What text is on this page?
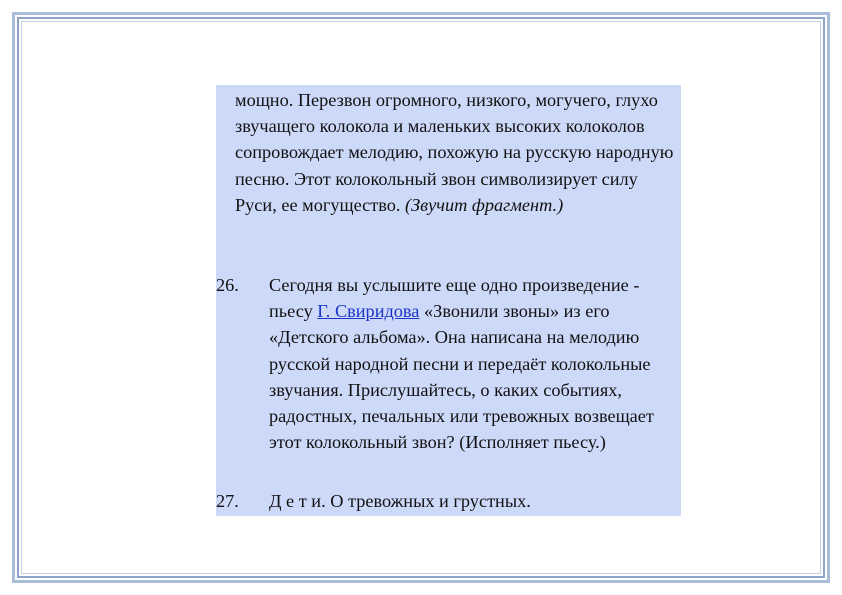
мощно. Перезвон огромного, низкого, могучего, глухо звучащего колокола и маленьких высоких колоколов сопровождает мелодию, похожую на русскую народную песню. Этот колокольный звон символизирует силу Руси, ее могущество. (Звучит фрагмент.)
26.	Сегодня вы услышите еще одно произведение - пьесу Г. Свиридова «Звонили звоны» из его «Детского альбома». Она написана на мелодию русской народной песни и передаёт колокольные звучания. Прислушайтесь, о каких событиях, радостных, печальных или тревожных возвещает этот колокольный звон? (Исполняет пьесу.)
27.	Д е т и. О тревожных и грустных.
